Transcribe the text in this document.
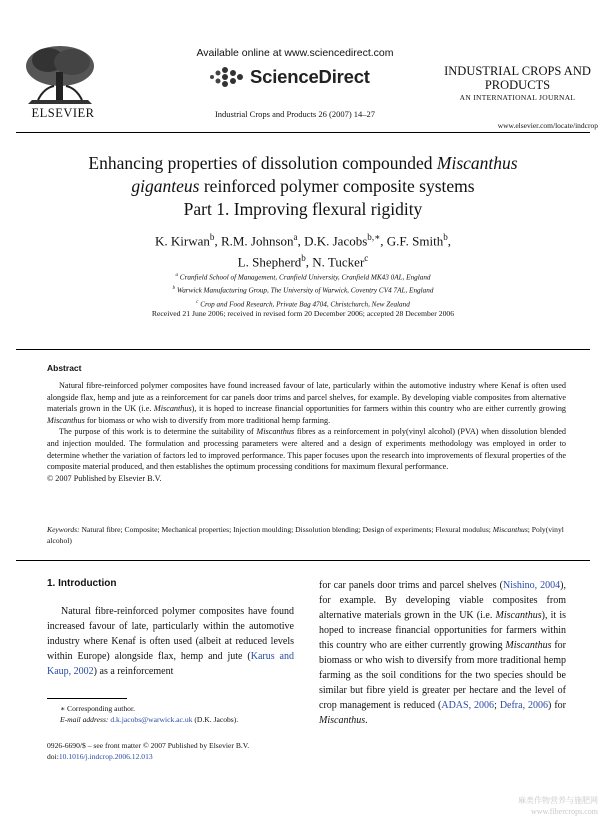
ELSEVIER
Available online at www.sciencedirect.com
ScienceDirect
Industrial Crops and Products 26 (2007) 14–27
INDUSTRIAL CROPS AND PRODUCTS
AN INTERNATIONAL JOURNAL
www.elsevier.com/locate/indcrop
Enhancing properties of dissolution compounded Miscanthus
giganteus reinforced polymer composite systems
Part 1. Improving flexural rigidity
K. Kirwan$^b$, R.M. Johnson$^a$, D.K. Jacobs$^{b,∗}$, G.F. Smith$^b$,
L. Shepherd$^b$, N. Tucker$^c$
$^a$ Cranfield School of Management, Cranfield University, Cranfield MK43 0AL, England
$^b$ Warwick Manufacturing Group, The University of Warwick, Coventry CV4 7AL, England
$^c$ Crop and Food Research, Private Bag 4704, Christchurch, New Zealand
Received 21 June 2006; received in revised form 20 December 2006; accepted 28 December 2006
Abstract

Natural fibre-reinforced polymer composites have found increased favour of late, particularly within the automotive industry where Kenaf is often used alongside flax, hemp and jute as a reinforcement for car panels door trims and parcel shelves, for example. By developing viable composites from alternative materials grown in the UK (i.e. Miscanthus), it is hoped to increase financial opportunities for farmers within this country who are either currently growing Miscanthus for biomass or who wish to diversify from more traditional hemp farming.

The purpose of this work is to determine the suitability of Miscanthus fibres as a reinforcement in poly(vinyl alcohol) (PVA) when dissolution blended and injection moulded. The formulation and processing parameters were altered and a design of experiments methodology was employed in order to determine whether the variation of factors led to improved performance. This paper focuses upon the research into improvements of flexural properties of the composite material produced, and then establishes the optimum processing conditions for maximum flexural performance.

© 2007 Published by Elsevier B.V.

Keywords: Natural fibre; Composite; Mechanical properties; Injection moulding; Dissolution blending; Design of experiments; Flexural modulus; Miscanthus; Poly(vinyl alcohol)
1. Introduction
Natural fibre-reinforced polymer composites have found increased favour of late, particularly within the automotive industry where Kenaf is often used (albeit at reduced levels within Europe) alongside flax, hemp and jute (Karus and Kaup, 2002) as a reinforcement
for car panels door trims and parcel shelves (Nishino, 2004), for example. By developing viable composites from alternative materials grown in the UK (i.e. Miscanthus), it is hoped to increase financial opportunities for farmers within this country who are either currently growing Miscanthus for biomass or who wish to diversify from more traditional hemp farming as the soil conditions for the two species should be similar but fibre yield is greater per hectare and the level of crop management is reduced (ADAS, 2006; Defra, 2006) for Miscanthus.
∗ Corresponding author.
E-mail address: d.k.jacobs@warwick.ac.uk (D.K. Jacobs).
0926-6690/$ – see front matter © 2007 Published by Elsevier B.V.
doi:10.1016/j.indcrop.2006.12.013
麻类作物营养与施肥网
www.fibercrops.com
